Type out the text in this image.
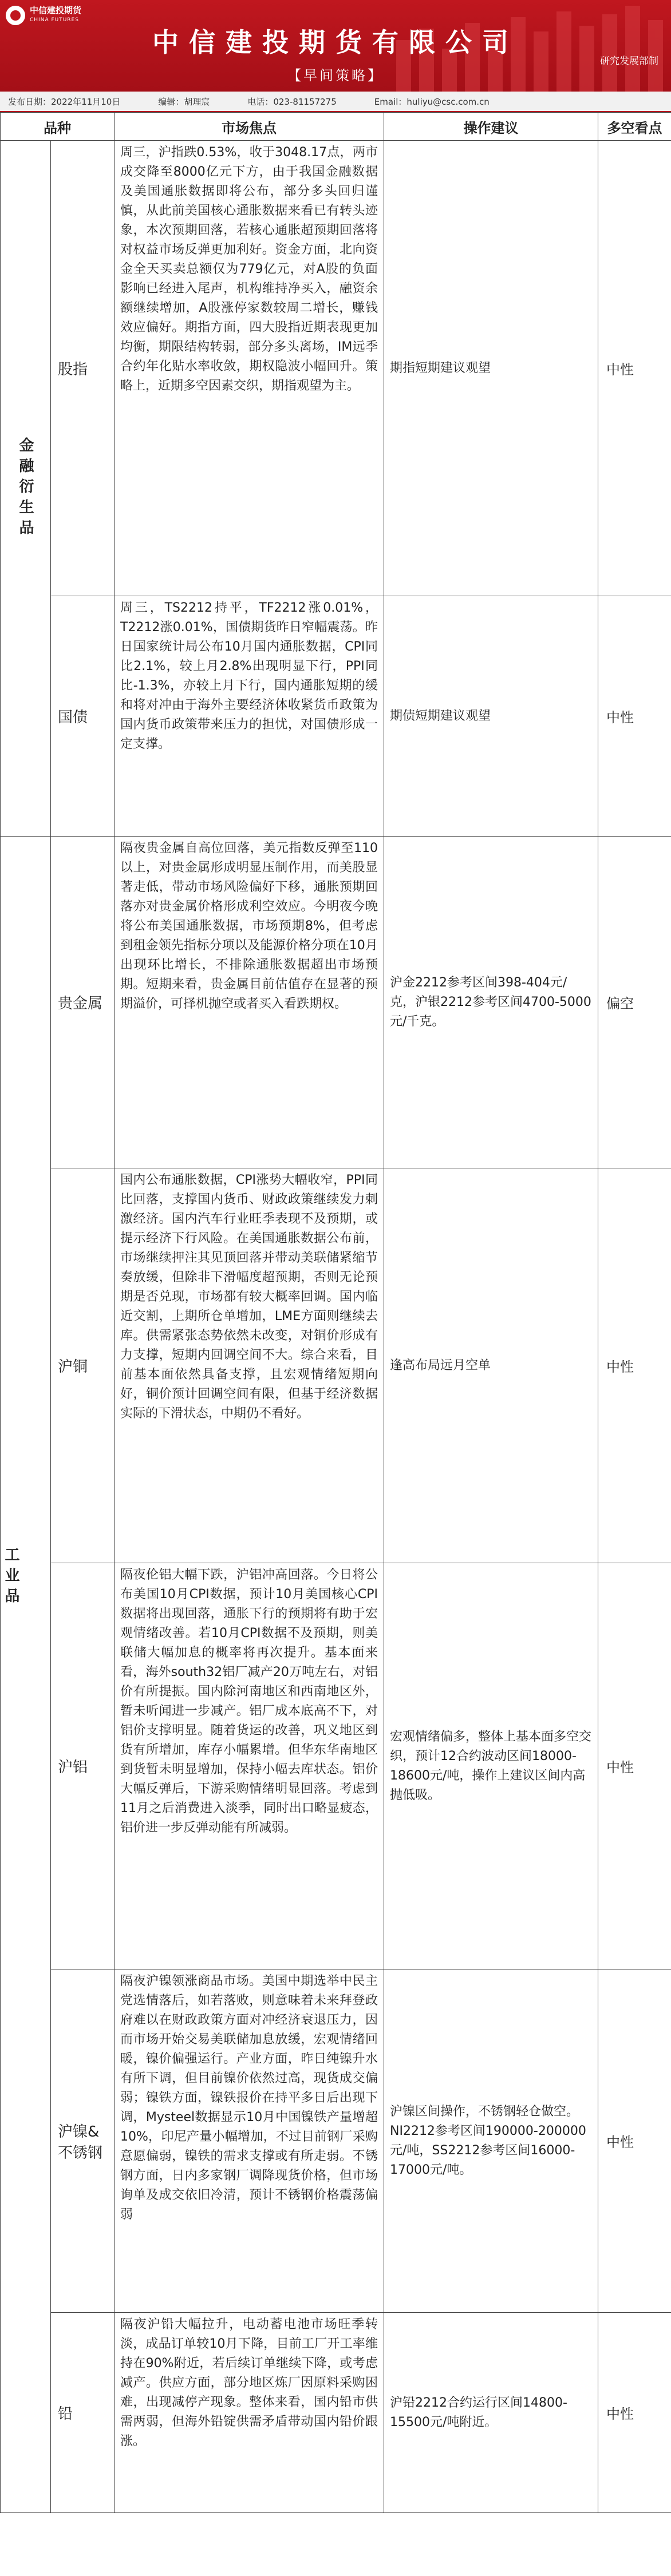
中信建投期货
CHINA FUTURES
中信建投期货有限公司
【早间策略】
研究发展部制
发布日期：2022年11月10日	编辑：胡理宸	电话：023-81157275	Email：huliyu@csc.com.cn
品种		市场焦点	操作建议	多空看点
金融衍生品	股指	周三，沪指跌0.53%，收于3048.17点，两市成交降至8000亿元下方，由于我国金融数据及美国通胀数据即将公布，部分多头回归谨慎，从此前美国核心通胀数据来看已有转头迹象，本次预期回落，若核心通胀超预期回落将对权益市场反弹更加利好。资金方面，北向资金全天买卖总额仅为779亿元，对A股的负面影响已经进入尾声，机构维持净买入，融资余额继续增加，A股涨停家数较周二增长，赚钱效应偏好。期指方面，四大股指近期表现更加均衡，期限结构转弱，部分多头离场，IM远季合约年化贴水率收敛，期权隐波小幅回升。策略上，近期多空因素交织，期指观望为主。	期指短期建议观望	中性
	国债	周三，TS2212持平，TF2212涨0.01%，T2212涨0.01%，国债期货昨日窄幅震荡。昨日国家统计局公布10月国内通胀数据，CPI同比2.1%，较上月2.8%出现明显下行，PPI同比-1.3%，亦较上月下行，国内通胀短期的缓和将对冲由于海外主要经济体收紧货币政策为国内货币政策带来压力的担忧，对国债形成一定支撑。	期债短期建议观望	中性
工业品	贵金属	隔夜贵金属自高位回落，美元指数反弹至110以上，对贵金属形成明显压制作用，而美股显著走低，带动市场风险偏好下移，通胀预期回落亦对贵金属价格形成利空效应。今明夜今晚将公布美国通胀数据，市场预期8%，但考虑到租金领先指标分项以及能源价格分项在10月出现环比增长，不排除通胀数据超出市场预期。短期来看，贵金属目前估值存在显著的预期溢价，可择机抛空或者买入看跌期权。	沪金2212参考区间398-404元/克，沪银2212参考区间4700-5000元/千克。	偏空
	沪铜	国内公布通胀数据，CPI涨势大幅收窄，PPI同比回落，支撑国内货币、财政政策继续发力刺激经济。国内汽车行业旺季表现不及预期，或提示经济下行风险。在美国通胀数据公布前，市场继续押注其见顶回落并带动美联储紧缩节奏放缓，但除非下滑幅度超预期，否则无论预期是否兑现，市场都有较大概率回调。国内临近交割，上期所仓单增加，LME方面则继续去库。供需紧张态势依然未改变，对铜价形成有力支撑，短期内回调空间不大。综合来看，目前基本面依然具备支撑，且宏观情绪短期向好，铜价预计回调空间有限，但基于经济数据实际的下滑状态，中期仍不看好。	逢高布局远月空单	中性
	沪铝	隔夜伦铝大幅下跌，沪铝冲高回落。今日将公布美国10月CPI数据，预计10月美国核心CPI数据将出现回落，通胀下行的预期将有助于宏观情绪改善。若10月CPI数据不及预期，则美联储大幅加息的概率将再次提升。基本面来看，海外south32铝厂减产20万吨左右，对铝价有所提振。国内除河南地区和西南地区外，暂未听闻进一步减产。铝厂成本底高不下，对铝价支撑明显。随着货运的改善，巩义地区到货有所增加，库存小幅累增。但华东华南地区到货暂未明显增加，保持小幅去库状态。铝价大幅反弹后，下游采购情绪明显回落。考虑到11月之后消费进入淡季，同时出口略显疲态，铝价进一步反弹动能有所减弱。	宏观情绪偏多，整体上基本面多空交织，预计12合约波动区间18000-18600元/吨，操作上建议区间内高抛低吸。	中性
	沪镍&不锈钢	隔夜沪镍领涨商品市场。美国中期选举中民主党选情落后，如若落败，则意味着未来拜登政府难以在财政政策方面对冲经济衰退压力，因而市场开始交易美联储加息放缓，宏观情绪回暖，镍价偏强运行。产业方面，昨日纯镍升水有所下调，但目前镍价依然过高，现货成交偏弱；镍铁方面，镍铁报价在持平多日后出现下调，Mysteel数据显示10月中国镍铁产量增超10%，印尼产量小幅增加，不过目前钢厂采购意愿偏弱，镍铁的需求支撑或有所走弱。不锈钢方面，日内多家钢厂调降现货价格，但市场询单及成交依旧冷清，预计不锈钢价格震荡偏弱	沪镍区间操作，不锈钢轻仓做空。NI2212参考区间190000-200000元/吨，SS2212参考区间16000-17000元/吨。	中性
	铅	隔夜沪铅大幅拉升，电动蓄电池市场旺季转淡，成品订单较10月下降，目前工厂开工率维持在90%附近，若后续订单继续下降，或考虑减产。供应方面，部分地区炼厂因原料采购困难，出现减停产现象。整体来看，国内铅市供需两弱，但海外铅锭供需矛盾带动国内铅价跟涨。	沪铅2212合约运行区间14800-15500元/吨附近。	中性
